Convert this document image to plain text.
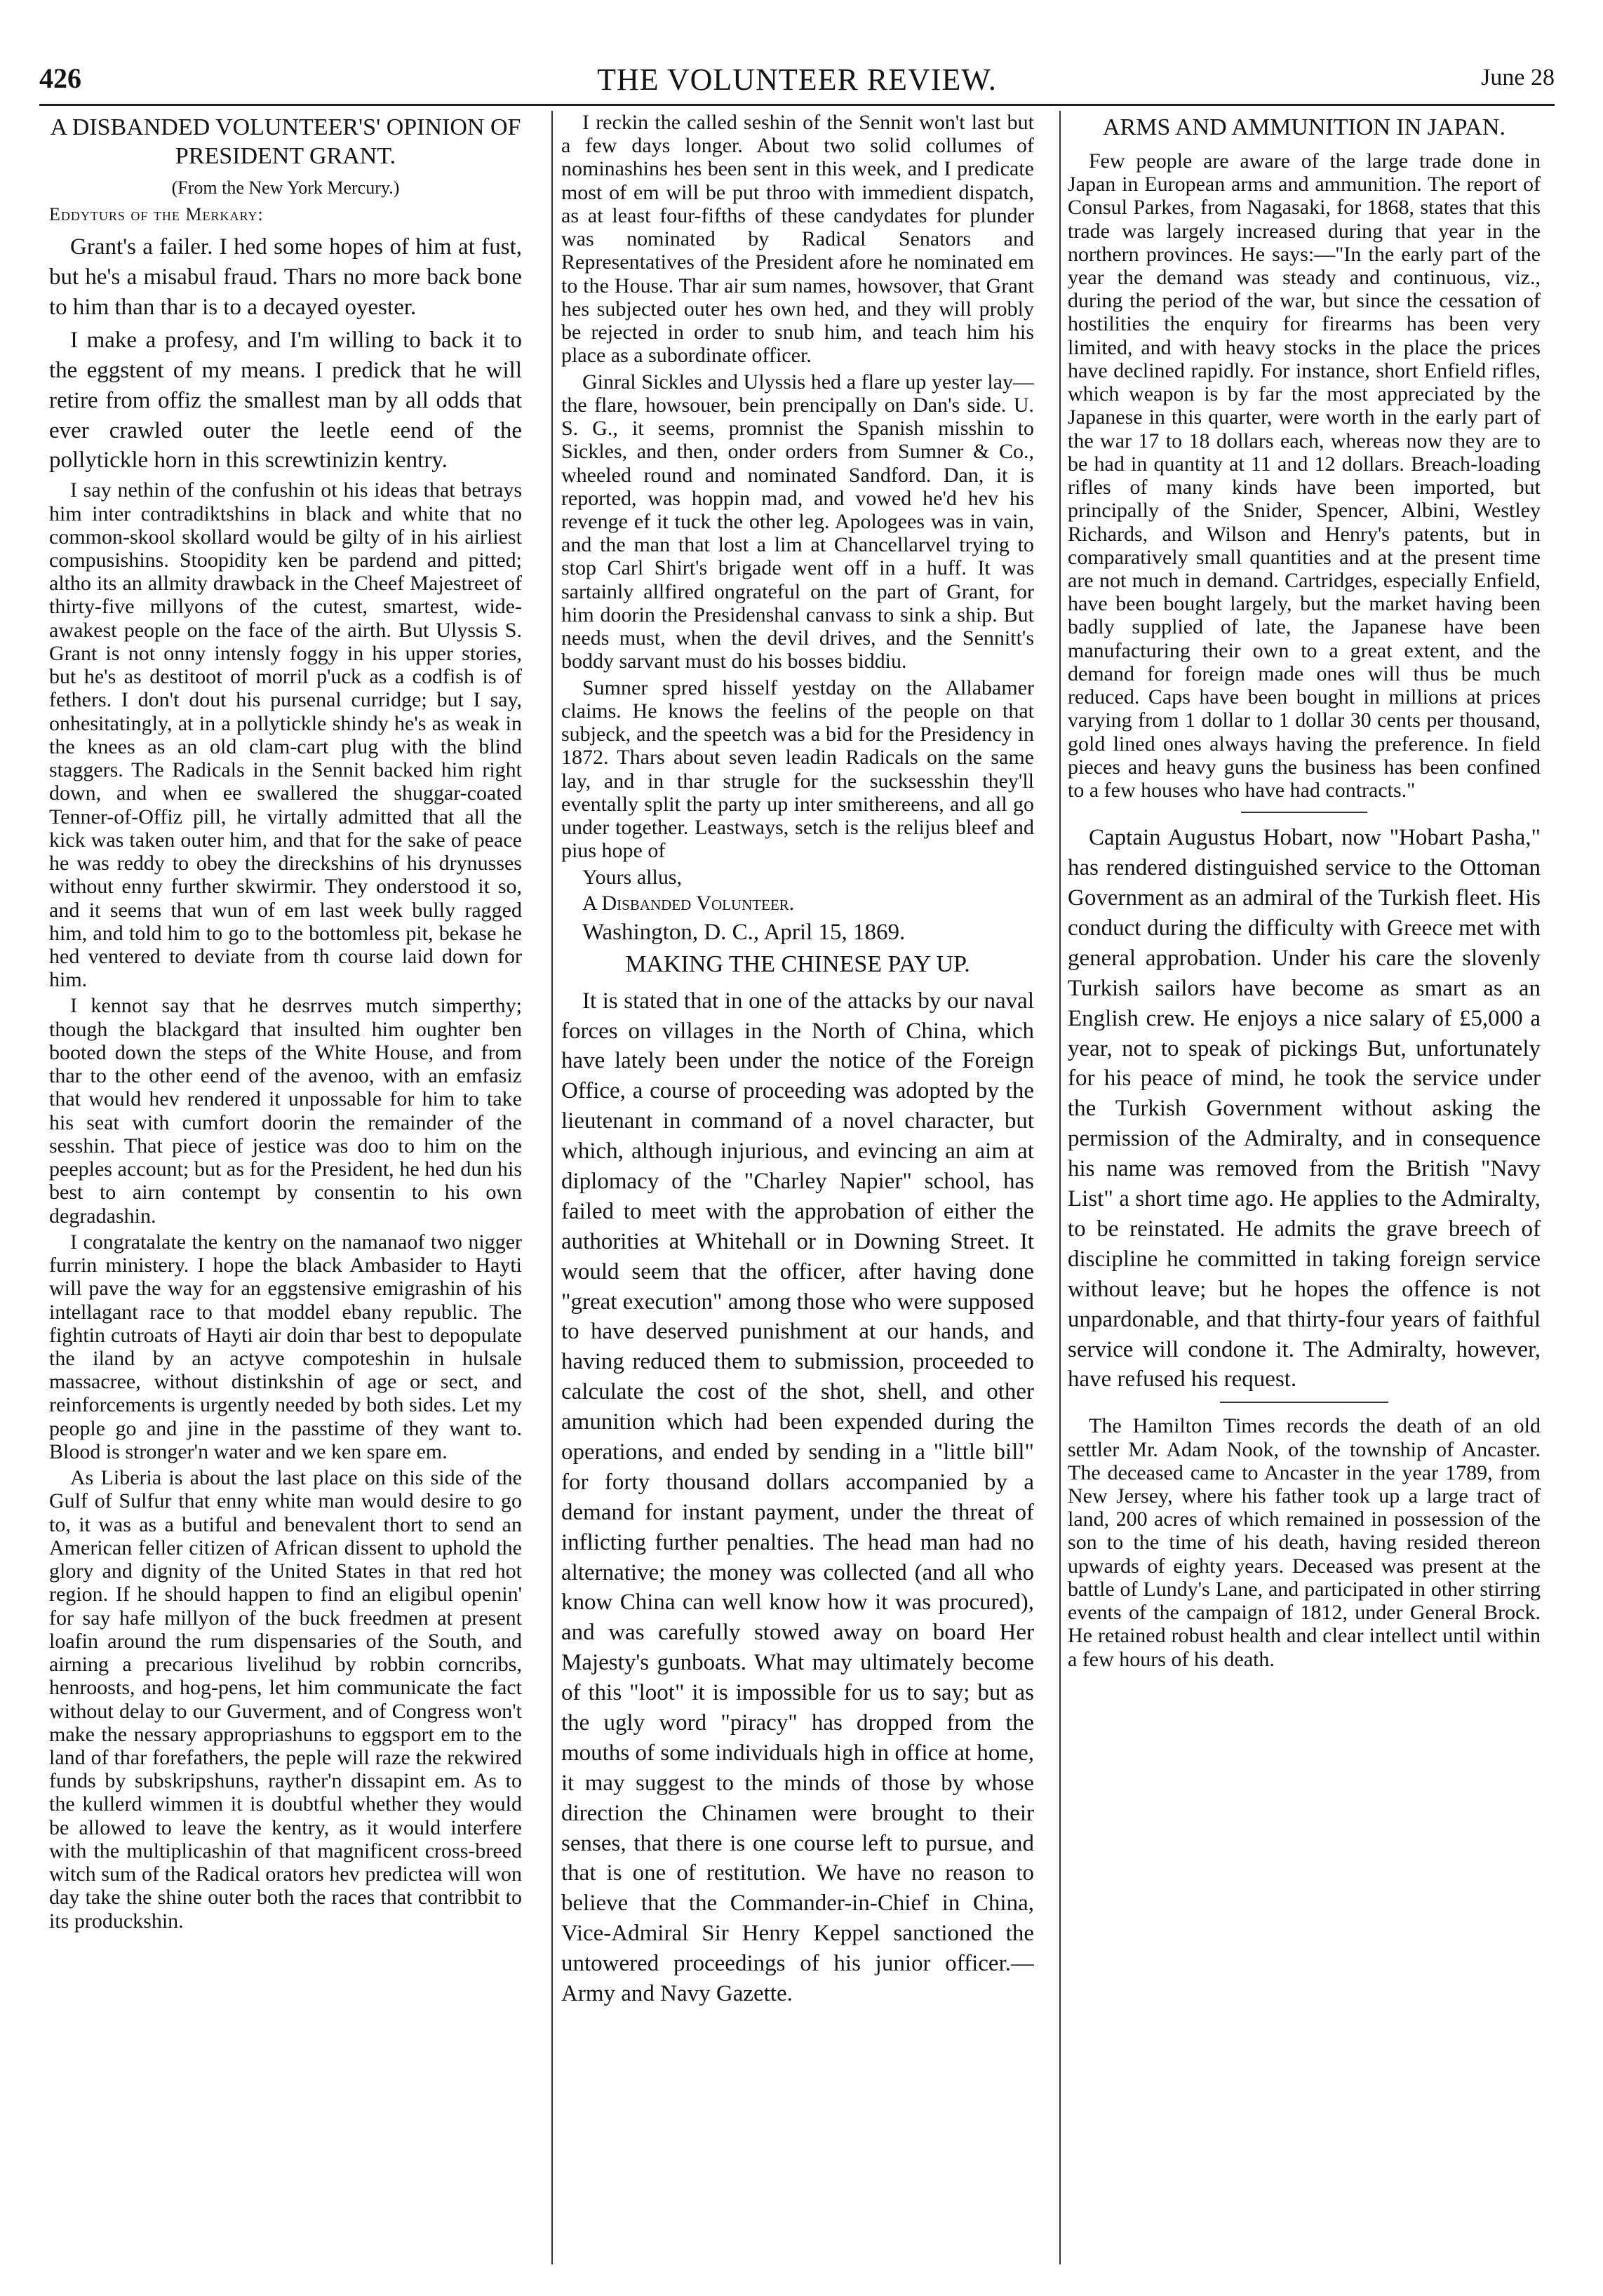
THE VOLUNTEER REVIEW.
426	June 28
A DISBANDED VOLUNTEER'S' OPINION OF PRESIDENT GRANT.
(From the New York Mercury.)
Eddyturs of the Merkary:

Grant's a failer. I hed some hopes of him at fust, but he's a misabul fraud. Thars no more back bone to him than thar is to a decayed oyester.

I make a profesy, and I'm willing to back it to the eggstent of my means. I predick that he will retire from offiz the smallest man by all odds that ever crawled outer the leetle eend of the pollytickle horn in this screwtinizin kentry.

I say nethin of the confushin ot his ideas that betrays him inter contradiktshins in black and white that no common-skool skollard would be gilty of in his airliest compusishins. Stoopidity ken be pardend and pitted; altho its an allmity drawback in the Cheef Majestreet of thirty-five millyons of the cutest, smartest, wide-awakest people on the face of the airth. But Ulyssis S. Grant is not onny intensly foggy in his upper stories, but he's as destitoot of morril p'uck as a codfish is of fethers. I don't dout his pursenal curridge; but I say, onhesitatingly, at in a pollytickle shindy he's as weak in the knees as an old clam-cart plug with the blind staggers. The Radicals in the Sennit backed him right down, and when ee swallered the shuggar-coated Tenner-of-Offiz pill, he virtally admitted that all the kick was taken outer him, and that for the sake of peace he was reddy to obey the direckshins of his drynusses without enny further skwirmir. They onderstood it so, and it seems that wun of em last week bully ragged him, and told him to go to the bottomless pit, bekase he hed ventered to deviate from th course laid down for him.

I kennot say that he desrrves mutch simperthy; though the blackgard that insulted him oughter ben booted down the steps of the White House, and from thar to the other eend of the avenoo, with an emfasiz that would hev rendered it unpossable for him to take his seat with cumfort doorin the remainder of the sesshin. That piece of jestice was doo to him on the peeples account; but as for the President, he hed dun his best to airn contempt by consentin to his own degradashin.

I congratalate the kentry on the namanaof two nigger furrin ministery. I hope the black Ambasider to Hayti will pave the way for an eggstensive emigrashin of his intellagant race to that moddel ebany republic. The fightin cutroats of Hayti air doin thar best to depopulate the iland by an actyve compoteshin in hulsale massacree, without distinkshin of age or sect, and reinforcements is urgently needed by both sides. Let my people go and jine in the passtime of they want to. Blood is stronger'n water and we ken spare em.

As Liberia is about the last place on this side of the Gulf of Sulfur that enny white man would desire to go to, it was as a butiful and benevalent thort to send an American feller citizen of African dissent to uphold the glory and dignity of the United States in that red hot region. If he should happen to find an eligibul openin' for say hafe millyon of the buck freedmen at present loafin around the rum dispensaries of the South, and airning a precarious livelihud by robbin corncribs, henroosts, and hog-pens, let him communicate the fact without delay to our Guverment, and of Congress won't make the nessary appropriashuns to eggsport em to the land of thar forefathers, the peple will raze the rekwired funds by subskripshuns, rayther'n dissapint em. As to the kullerd wimmen it is doubtful whether they would be allowed to leave the kentry, as it would interfere with the multiplicashin of that magnificent cross-breed witch sum of the Radical orators hev predictea will won day take the shine outer both the races that contribbit to its produckshin.

I reckin the called seshin of the Sennit won't last but a few days longer. About two solid collumes of nominashins hes been sent in this week, and I predicate most of em will be put throo with immedient dispatch, as at least four-fifths of these candydates for plunder was nominated by Radical Senators and Representatives of the President afore he nominated em to the House. Thar air sum names, howsover, that Grant hes subjected outer hes own hed, and they will probly be rejected in order to snub him, and teach him his place as a subordinate officer.

Ginral Sickles and Ulyssis hed a flare up yester lay—the flare, howsouer, bein prencipally on Dan's side. U. S. G., it seems, promnist the Spanish misshin to Sickles, and then, onder orders from Sumner & Co., wheeled round and nominated Sandford. Dan, it is reported, was hoppin mad, and vowed he'd hev his revenge ef it tuck the other leg. Apologees was in vain, and the man that lost a lim at Chancellarvel trying to stop Carl Shirt's brigade went off in a huff. It was sartainly allfired ongrateful on the part of Grant, for him doorin the Presidenshal canvass to sink a ship. But needs must, when the devil drives, and the Sennitt's boddy sarvant must do his bosses biddiu.

Sumner spred hisself yestday on the Allabamer claims. He knows the feelins of the people on that subjeck, and the speetch was a bid for the Presidency in 1872. Thars about seven leadin Radicals on the same lay, and in thar strugle for the sucksesshin they'll eventally split the party up inter smithereens, and all go under together. Leastways, setch is the relijus bleef and pius hope of

Yours allus,

A Disbanded Volunteer.

Washington, D. C., April 15, 1869.

MAKING THE CHINESE PAY UP.

It is stated that in one of the attacks by our naval forces on villages in the North of China, which have lately been under the notice of the Foreign Office, a course of proceeding was adopted by the lieutenant in command of a novel character, but which, although injurious, and evincing an aim at diplomacy of the "Charley Napier" school, has failed to meet with the approbation of either the authorities at Whitehall or in Downing Street. It would seem that the officer, after having done "great execution" among those who were supposed to have deserved punishment at our hands, and having reduced them to submission, proceeded to calculate the cost of the shot, shell, and other amunition which had been expended during the operations, and ended by sending in a "little bill" for forty thousand dollars accompanied by a demand for instant payment, under the threat of inflicting further penalties. The head man had no alternative; the money was collected (and all who know China can well know how it was procured), and was carefully stowed away on board Her Majesty's gunboats. What may ultimately become of this "loot" it is impossible for us to say; but as the ugly word "piracy" has dropped from the mouths of some individuals high in office at home, it may suggest to the minds of those by whose direction the Chinamen were brought to their senses, that there is one course left to pursue, and that is one of restitution. We have no reason to believe that the Commander-in-Chief in China, Vice-Admiral Sir Henry Keppel sanctioned the untowered proceedings of his junior officer.—Army and Navy Gazette.

ARMS AND AMMUNITION IN JAPAN.

Few people are aware of the large trade done in Japan in European arms and ammunition. The report of Consul Parkes, from Nagasaki, for 1868, states that this trade was largely increased during that year in the northern provinces. He says:—"In the early part of the year the demand was steady and continuous, viz., during the period of the war, but since the cessation of hostilities the enquiry for firearms has been very limited, and with heavy stocks in the place the prices have declined rapidly. For instance, short Enfield rifles, which weapon is by far the most appreciated by the Japanese in this quarter, were worth in the early part of the war 17 to 18 dollars each, whereas now they are to be had in quantity at 11 and 12 dollars. Breach-loading rifles of many kinds have been imported, but principally of the Snider, Spencer, Albini, Westley Richards, and Wilson and Henry's patents, but in comparatively small quantities and at the present time are not much in demand. Cartridges, especially Enfield, have been bought largely, but the market having been badly supplied of late, the Japanese have been manufacturing their own to a great extent, and the demand for foreign made ones will thus be much reduced. Caps have been bought in millions at prices varying from 1 dollar to 1 dollar 30 cents per thousand, gold lined ones always having the preference. In field pieces and heavy guns the business has been confined to a few houses who have had contracts."

Captain Augustus Hobart, now "Hobart Pasha," has rendered distinguished service to the Ottoman Government as an admiral of the Turkish fleet. His conduct during the difficulty with Greece met with general approbation. Under his care the slovenly Turkish sailors have become as smart as an English crew. He enjoys a nice salary of £5,000 a year, not to speak of pickings But, unfortunately for his peace of mind, he took the service under the Turkish Government without asking the permission of the Admiralty, and in consequence his name was removed from the British "Navy List" a short time ago. He applies to the Admiralty, to be reinstated. He admits the grave breech of discipline he committed in taking foreign service without leave; but he hopes the offence is not unpardonable, and that thirty-four years of faithful service will condone it. The Admiralty, however, have refused his request.

The Hamilton Times records the death of an old settler Mr. Adam Nook, of the township of Ancaster. The deceased came to Ancaster in the year 1789, from New Jersey, where his father took up a large tract of land, 200 acres of which remained in possession of the son to the time of his death, having resided thereon upwards of eighty years. Deceased was present at the battle of Lundy's Lane, and participated in other stirring events of the campaign of 1812, under General Brock. He retained robust health and clear intellect until within a few hours of his death.
